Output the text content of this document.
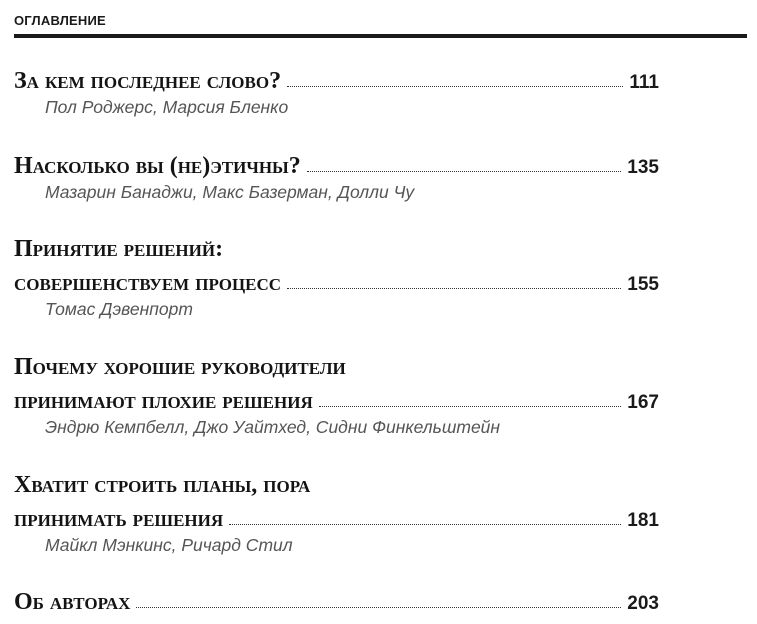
ОГЛАВЛЕНИЕ
За кем последнее слово?	111
Пол Роджерс, Марсия Бленко
Насколько вы (не)этичны?	135
Мазарин Банаджи, Макс Базерман, Долли Чу
Принятие решений:
совершенствуем процесс	155
Томас Дэвенпорт
Почему хорошие руководители
принимают плохие решения	167
Эндрю Кемпбелл, Джо Уайтхед, Сидни Финкельштейн
Хватит строить планы, пора
принимать решения	181
Майкл Мэнкинс, Ричард Стил
Об авторах	203
